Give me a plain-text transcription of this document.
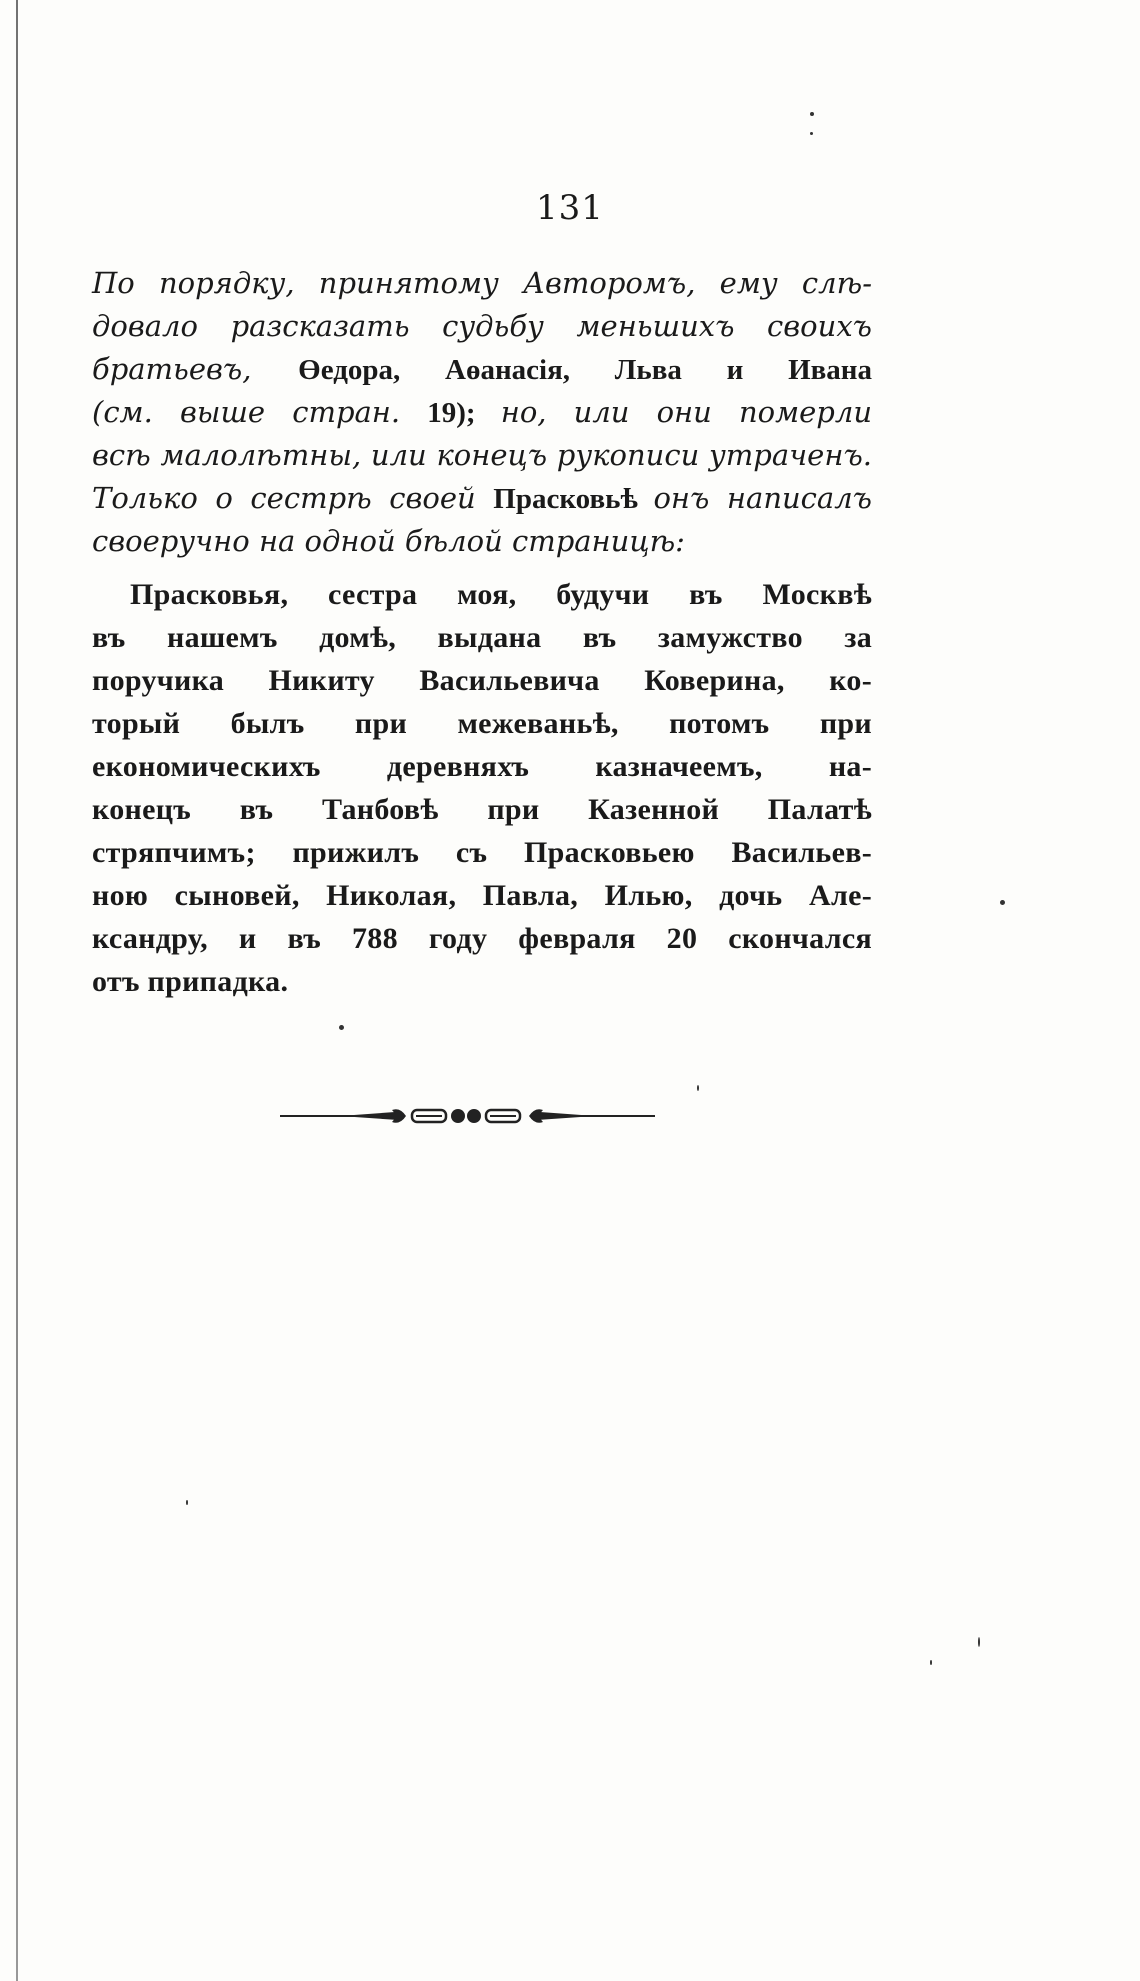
131
По порядку, принятому Авторомъ, ему слѣ-
довало разсказать судьбу меньшихъ своихъ
братьевъ, Өедора, Аөанасія, Льва и Ивана
(см. выше стран. 19); но, или они померли
всѣ малолѣтны, или конецъ рукописи утраченъ.
Только о сестрѣ своей Прасковьѣ онъ написалъ
своеручно на одной бѣлой страницѣ:
Прасковья, сестра моя, будучи въ Москвѣ
въ нашемъ домѣ, выдана въ замужство за
поручика Никиту Васильевича Коверина, ко-
торый былъ при межеваньѣ, потомъ при
економическихъ деревняхъ казначеемъ, на-
конецъ въ Танбовѣ при Казенной Палатѣ
стряпчимъ; прижилъ съ Прасковьею Васильев-
ною сыновей, Николая, Павла, Илью, дочь Але-
ксандру, и въ 788 году февраля 20 скончался
отъ припадка.
